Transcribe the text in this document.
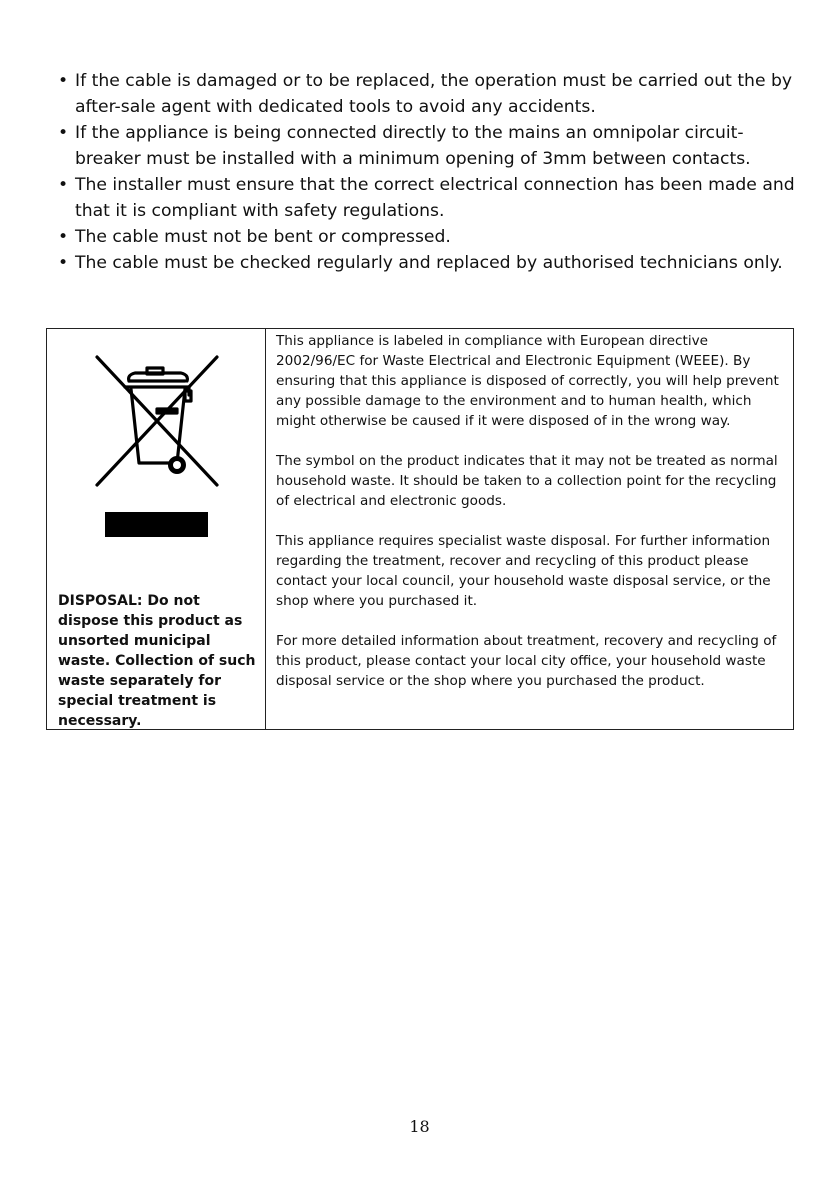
• If the cable is damaged or to be replaced, the operation must be carried out the by after-sale agent with dedicated tools to avoid any accidents.
• If the appliance is being connected directly to the mains an omnipolar circuit-breaker must be installed with a minimum opening of 3mm between contacts.
• The installer must ensure that the correct electrical connection has been made and that it is compliant with safety regulations.
• The cable must not be bent or compressed.
• The cable must be checked regularly and replaced by authorised technicians only.
DISPOSAL: Do not dispose this product as unsorted municipal waste. Collection of such waste separately for special treatment is necessary.

This appliance is labeled in compliance with European directive 2002/96/EC for Waste Electrical and Electronic Equipment (WEEE). By ensuring that this appliance is disposed of correctly, you will help prevent any possible damage to the environment and to human health, which might otherwise be caused if it were disposed of in the wrong way.

The symbol on the product indicates that it may not be treated as normal household waste. It should be taken to a collection point for the recycling of electrical and electronic goods.

This appliance requires specialist waste disposal. For further information regarding the treatment, recover and recycling of this product please contact your local council, your household waste disposal service, or the shop where you purchased it.

For more detailed information about treatment, recovery and recycling of this product, please contact your local city office, your household waste disposal service or the shop where you purchased the product.

18
